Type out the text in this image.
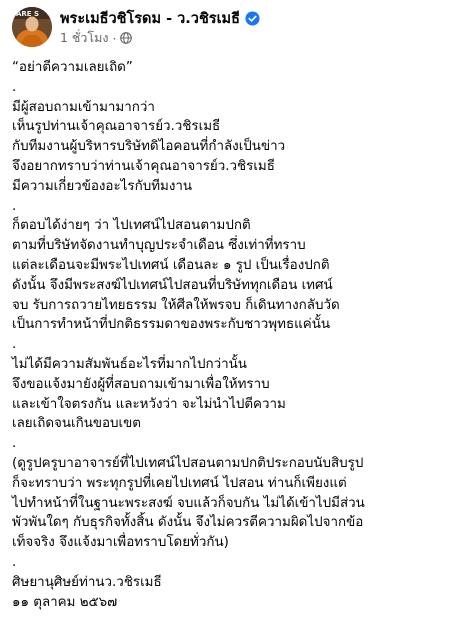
ARE S พระเมธีวชิโรดม - ว.วชิรเมธี
1 ชั่วโมง ·
“อย่าตีความเลยเถิด”
.
มีผู้สอบถามเข้ามามากว่า
เห็นรูปท่านเจ้าคุณอาจารย์ว.วชิรเมธี
กับทีมงานผู้บริหารบริษัทดิไอคอนที่กำลังเป็นข่าว
จึงอยากทราบว่าท่านเจ้าคุณอาจารย์ว.วชิรเมธี
มีความเกี่ยวข้องอะไรกับทีมงาน
.
ก็ตอบได้ง่ายๆ ว่า ไปเทศน์ไปสอนตามปกติ
ตามที่บริษัทจัดงานทำบุญประจำเดือน ซึ่งเท่าที่ทราบ
แต่ละเดือนจะมีพระไปเทศน์ เดือนละ ๑ รูป เป็นเรื่องปกติ
ดังนั้น จึงมีพระสงฆ์ไปเทศน์ไปสอนที่บริษัททุกเดือน เทศน์
จบ รับการถวายไทยธรรม ให้ศีลให้พรจบ ก็เดินทางกลับวัด
เป็นการทำหน้าที่ปกติธรรมดาของพระกับชาวพุทธแค่นั้น
.
ไม่ได้มีความสัมพันธ์อะไรที่มากไปกว่านั้น
จึงขอแจ้งมายังผู้ที่สอบถามเข้ามาเพื่อให้ทราบ
และเข้าใจตรงกัน และหวังว่า จะไม่นำไปตีความ
เลยเถิดจนเกินขอบเขต
.
(ดูรูปครูบาอาจารย์ที่ไปเทศน์ไปสอนตามปกติประกอบนับสิบรูป
ก็จะทราบว่า พระทุกรูปที่เคยไปเทศน์ ไปสอน ท่านก็เพียงแต่
ไปทำหน้าที่ในฐานะพระสงฆ์ จบแล้วก็จบกัน ไม่ได้เข้าไปมีส่วน
พัวพันใดๆ กับธุรกิจทั้งสิ้น ดังนั้น จึงไม่ควรตีความผิดไปจากข้อ
เท็จจริง จึงแจ้งมาเพื่อทราบโดยทั่วกัน)
.
ศิษยานุศิษย์ท่านว.วชิรเมธี
๑๑ ตุลาคม ๒๕๖๗
